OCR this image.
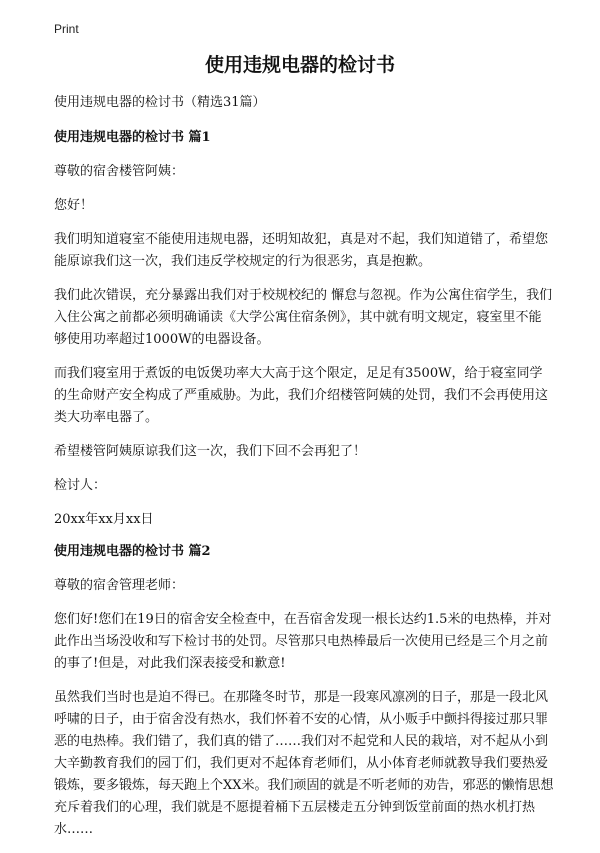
Print
使用违规电器的检讨书

使用违规电器的检讨书（精选31篇）

使用违规电器的检讨书 篇1

尊敬的宿舍楼管阿姨：

您好！

我们明知道寝室不能使用违规电器，还明知故犯，真是对不起，我们知道错了，希望您能原谅我们这一次，我们违反学校规定的行为很恶劣，真是抱歉。

我们此次错误，充分暴露出我们对于校规校纪的 懈怠与忽视。作为公寓住宿学生，我们入住公寓之前都必须明确诵读《大学公寓住宿条例》，其中就有明文规定，寝室里不能够使用功率超过1000W的电器设备。

而我们寝室用于煮饭的电饭煲功率大大高于这个限定，足足有3500W，给于寝室同学的生命财产安全构成了严重威胁。为此，我们介绍楼管阿姨的处罚，我们不会再使用这类大功率电器了。

希望楼管阿姨原谅我们这一次，我们下回不会再犯了！

检讨人：

20xx年xx月xx日

使用违规电器的检讨书 篇2

尊敬的宿舍管理老师：

您们好!您们在19日的宿舍安全检查中，在吾宿舍发现一根长达约1.5米的电热棒，并对此作出当场没收和写下检讨书的处罚。尽管那只电热棒最后一次使用已经是三个月之前的事了!但是，对此我们深表接受和歉意!

虽然我们当时也是迫不得已。在那隆冬时节，那是一段寒风凛冽的日子，那是一段北风呼啸的日子，由于宿舍没有热水，我们怀着不安的心情，从小贩手中颤抖得接过那只罪恶的电热棒。我们错了，我们真的错了……我们对不起党和人民的栽培，对不起从小到大辛勤教育我们的园丁们，我们更对不起体育老师们，从小体育老师就教导我们要热爱锻炼，要多锻炼，每天跑上个XX米。我们顽固的就是不听老师的劝告，邪恶的懒惰思想充斥着我们的心理，我们就是不愿提着桶下五层楼走五分钟到饭堂前面的热水机打热水……
